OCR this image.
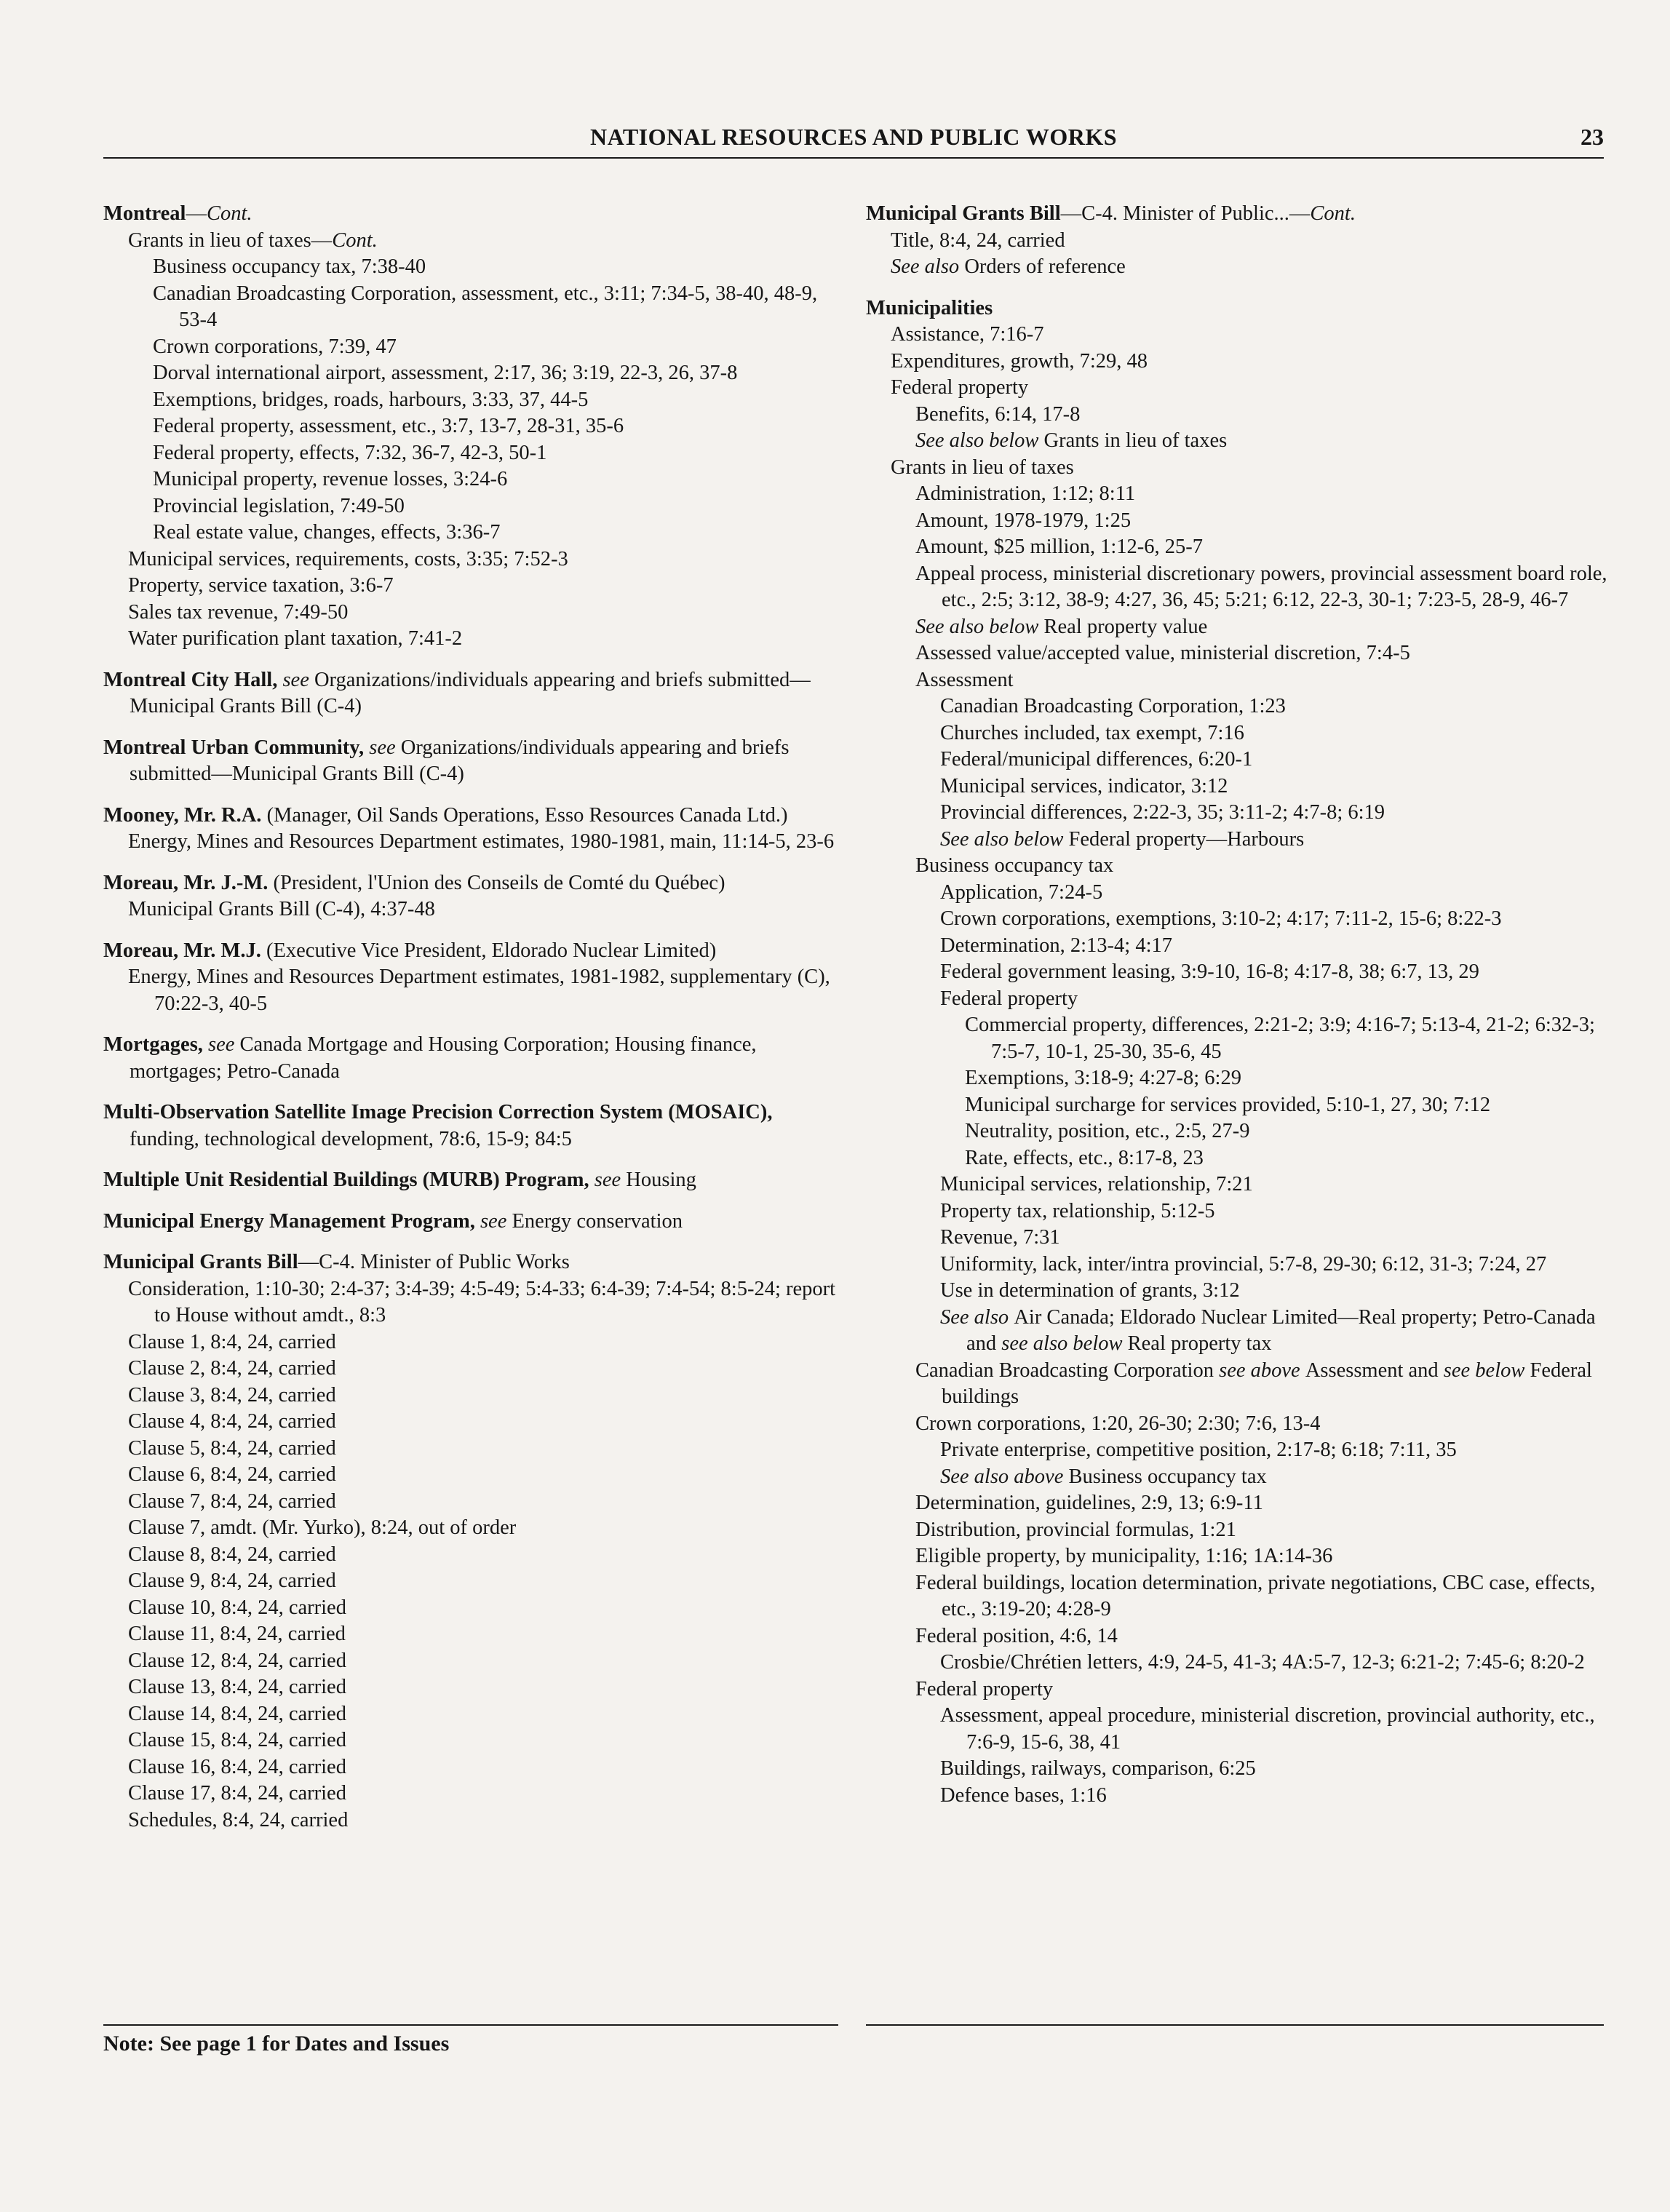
NATIONAL RESOURCES AND PUBLIC WORKS	23
Montreal—Cont.
Grants in lieu of taxes—Cont.
Business occupancy tax, 7:38-40
Canadian Broadcasting Corporation, assessment, etc., 3:11; 7:34-5, 38-40, 48-9, 53-4
Crown corporations, 7:39, 47
Dorval international airport, assessment, 2:17, 36; 3:19, 22-3, 26, 37-8
Exemptions, bridges, roads, harbours, 3:33, 37, 44-5
Federal property, assessment, etc., 3:7, 13-7, 28-31, 35-6
Federal property, effects, 7:32, 36-7, 42-3, 50-1
Municipal property, revenue losses, 3:24-6
Provincial legislation, 7:49-50
Real estate value, changes, effects, 3:36-7
Municipal services, requirements, costs, 3:35; 7:52-3
Property, service taxation, 3:6-7
Sales tax revenue, 7:49-50
Water purification plant taxation, 7:41-2
Montreal City Hall, see Organizations/individuals appearing and briefs submitted—Municipal Grants Bill (C-4)
Montreal Urban Community, see Organizations/individuals appearing and briefs submitted—Municipal Grants Bill (C-4)
Mooney, Mr. R.A. (Manager, Oil Sands Operations, Esso Resources Canada Ltd.)
Energy, Mines and Resources Department estimates, 1980-1981, main, 11:14-5, 23-6
Moreau, Mr. J.-M. (President, l'Union des Conseils de Comté du Québec)
Municipal Grants Bill (C-4), 4:37-48
Moreau, Mr. M.J. (Executive Vice President, Eldorado Nuclear Limited)
Energy, Mines and Resources Department estimates, 1981-1982, supplementary (C), 70:22-3, 40-5
Mortgages, see Canada Mortgage and Housing Corporation; Housing finance, mortgages; Petro-Canada
Multi-Observation Satellite Image Precision Correction System (MOSAIC), funding, technological development, 78:6, 15-9; 84:5
Multiple Unit Residential Buildings (MURB) Program, see Housing
Municipal Energy Management Program, see Energy conservation
Municipal Grants Bill—C-4. Minister of Public Works
Consideration, 1:10-30; 2:4-37; 3:4-39; 4:5-49; 5:4-33; 6:4-39; 7:4-54; 8:5-24; report to House without amdt., 8:3
Clause 1, 8:4, 24, carried
Clause 2, 8:4, 24, carried
Clause 3, 8:4, 24, carried
Clause 4, 8:4, 24, carried
Clause 5, 8:4, 24, carried
Clause 6, 8:4, 24, carried
Clause 7, 8:4, 24, carried
Clause 7, amdt. (Mr. Yurko), 8:24, out of order
Clause 8, 8:4, 24, carried
Clause 9, 8:4, 24, carried
Clause 10, 8:4, 24, carried
Clause 11, 8:4, 24, carried
Clause 12, 8:4, 24, carried
Clause 13, 8:4, 24, carried
Clause 14, 8:4, 24, carried
Clause 15, 8:4, 24, carried
Clause 16, 8:4, 24, carried
Clause 17, 8:4, 24, carried
Schedules, 8:4, 24, carried
Municipal Grants Bill—C-4. Minister of Public...—Cont.
Title, 8:4, 24, carried
See also Orders of reference
Municipalities
Assistance, 7:16-7
Expenditures, growth, 7:29, 48
Federal property
Benefits, 6:14, 17-8
See also below Grants in lieu of taxes
Grants in lieu of taxes
Administration, 1:12; 8:11
Amount, 1978-1979, 1:25
Amount, $25 million, 1:12-6, 25-7
Appeal process, ministerial discretionary powers, provincial assessment board role, etc., 2:5; 3:12, 38-9; 4:27, 36, 45; 5:21; 6:12, 22-3, 30-1; 7:23-5, 28-9, 46-7
See also below Real property value
Assessed value/accepted value, ministerial discretion, 7:4-5
Assessment
Canadian Broadcasting Corporation, 1:23
Churches included, tax exempt, 7:16
Federal/municipal differences, 6:20-1
Municipal services, indicator, 3:12
Provincial differences, 2:22-3, 35; 3:11-2; 4:7-8; 6:19
See also below Federal property—Harbours
Business occupancy tax
Application, 7:24-5
Crown corporations, exemptions, 3:10-2; 4:17; 7:11-2, 15-6; 8:22-3
Determination, 2:13-4; 4:17
Federal government leasing, 3:9-10, 16-8; 4:17-8, 38; 6:7, 13, 29
Federal property
Commercial property, differences, 2:21-2; 3:9; 4:16-7; 5:13-4, 21-2; 6:32-3; 7:5-7, 10-1, 25-30, 35-6, 45
Exemptions, 3:18-9; 4:27-8; 6:29
Municipal surcharge for services provided, 5:10-1, 27, 30; 7:12
Neutrality, position, etc., 2:5, 27-9
Rate, effects, etc., 8:17-8, 23
Municipal services, relationship, 7:21
Property tax, relationship, 5:12-5
Revenue, 7:31
Uniformity, lack, inter/intra provincial, 5:7-8, 29-30; 6:12, 31-3; 7:24, 27
Use in determination of grants, 3:12
See also Air Canada; Eldorado Nuclear Limited—Real property; Petro-Canada and see also below Real property tax
Canadian Broadcasting Corporation see above Assessment and see below Federal buildings
Crown corporations, 1:20, 26-30; 2:30; 7:6, 13-4
Private enterprise, competitive position, 2:17-8; 6:18; 7:11, 35
See also above Business occupancy tax
Determination, guidelines, 2:9, 13; 6:9-11
Distribution, provincial formulas, 1:21
Eligible property, by municipality, 1:16; 1A:14-36
Federal buildings, location determination, private negotiations, CBC case, effects, etc., 3:19-20; 4:28-9
Federal position, 4:6, 14
Crosbie/Chrétien letters, 4:9, 24-5, 41-3; 4A:5-7, 12-3; 6:21-2; 7:45-6; 8:20-2
Federal property
Assessment, appeal procedure, ministerial discretion, provincial authority, etc., 7:6-9, 15-6, 38, 41
Buildings, railways, comparison, 6:25
Defence bases, 1:16
Note: See page 1 for Dates and Issues
